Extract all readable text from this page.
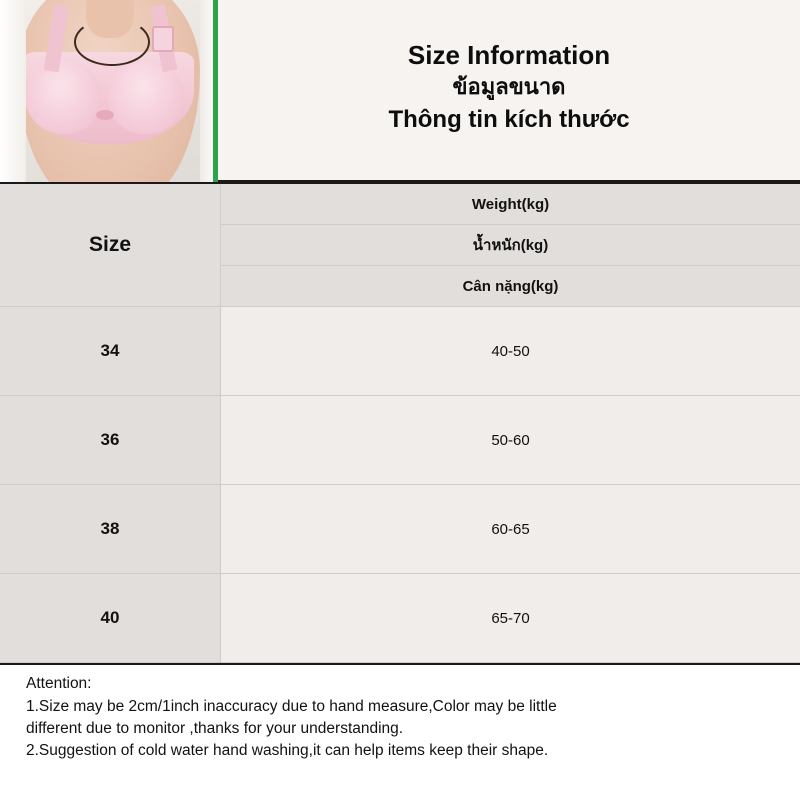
Size Information
ข้อมูลขนาด
Thông tin kích thước
Size	Weight(kg)
	น้ำหนัก(kg)
	Cân nặng(kg)
34	40-50
36	50-60
38	60-65
40	65-70
Attention:
1.Size may be 2cm/1inch inaccuracy due to hand measure,Color may be little
different due to monitor ,thanks for your understanding.
2.Suggestion of cold water hand washing,it can help items keep their shape.
